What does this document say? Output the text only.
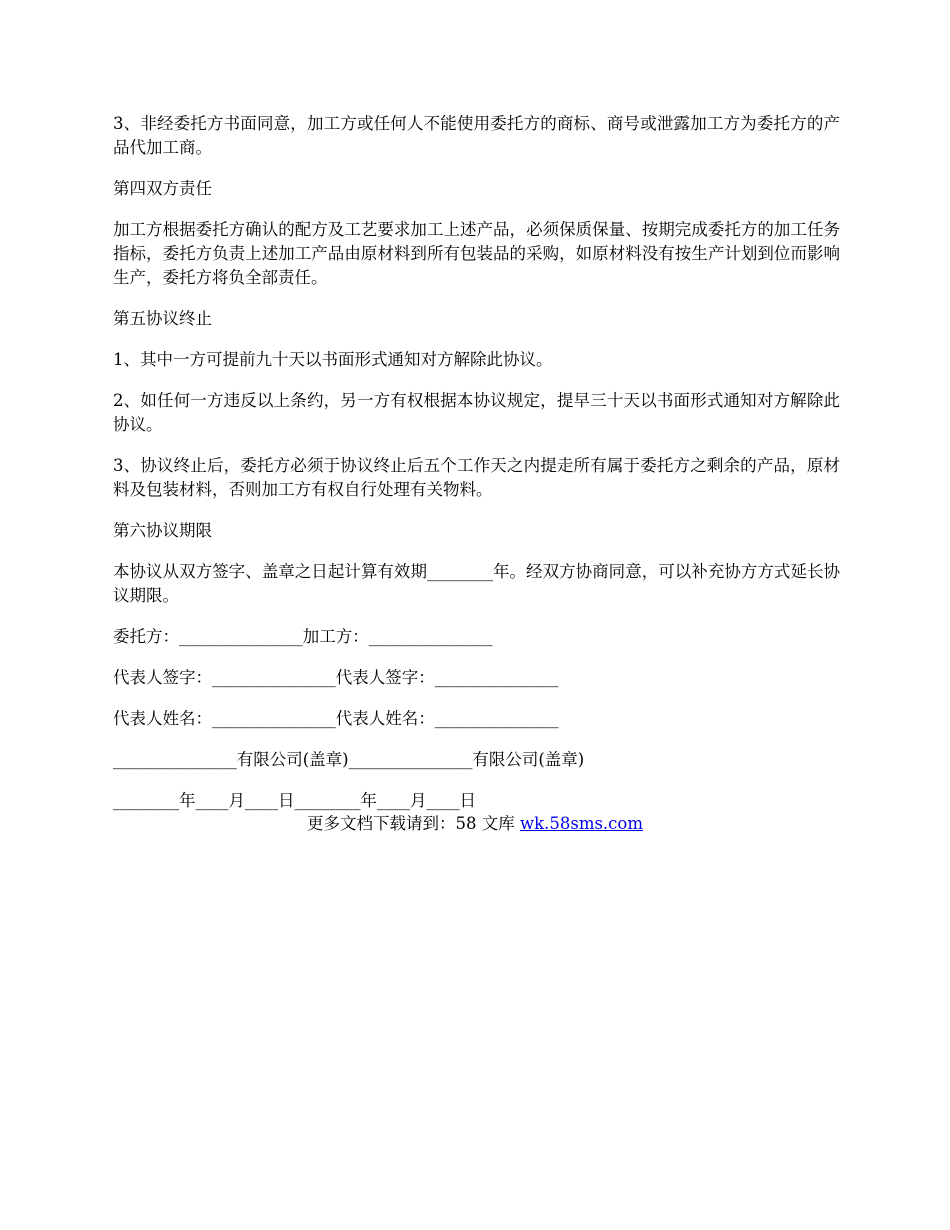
3、非经委托方书面同意，加工方或任何人不能使用委托方的商标、商号或泄露加工方为委托方的产品代加工商。

第四双方责任

加工方根据委托方确认的配方及工艺要求加工上述产品，必须保质保量、按期完成委托方的加工任务指标，委托方负责上述加工产品由原材料到所有包装品的采购，如原材料没有按生产计划到位而影响生产，委托方将负全部责任。

第五协议终止

1、其中一方可提前九十天以书面形式通知对方解除此协议。

2、如任何一方违反以上条约，另一方有权根据本协议规定，提早三十天以书面形式通知对方解除此协议。

3、协议终止后，委托方必须于协议终止后五个工作天之内提走所有属于委托方之剩余的产品，原材料及包装材料，否则加工方有权自行处理有关物料。

第六协议期限

本协议从双方签字、盖章之日起计算有效期________年。经双方协商同意，可以补充协方方式延长协议期限。

委托方：_______________加工方：_______________
代表人签字：_______________代表人签字：_______________
代表人姓名：_______________代表人姓名：_______________
_______________有限公司(盖章)_______________有限公司(盖章)
________年____月____日________年____月____日
更多文档下载请到：58 文库 wk.58sms.com
